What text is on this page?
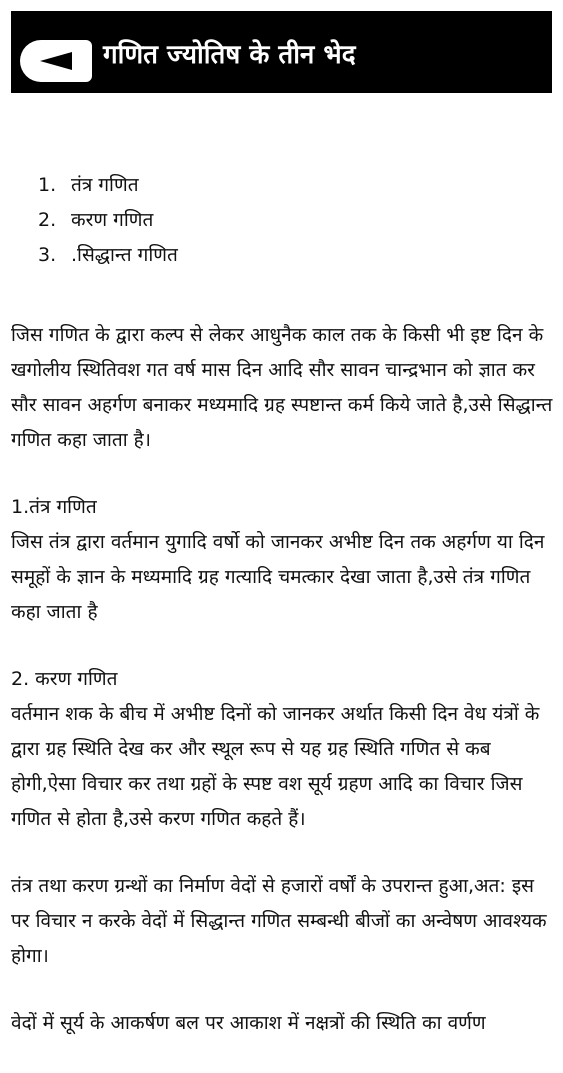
गणित ज्योतिष के तीन भेद
1. तंत्र गणित
2. करण गणित
3. .सिद्धान्त गणित

जिस गणित के द्वारा कल्प से लेकर आधुनैक काल तक के किसी भी इष्ट दिन के खगोलीय स्थितिवश गत वर्ष मास दिन आदि सौर सावन चान्द्रभान को ज्ञात कर सौर सावन अहर्गण बनाकर मध्यमादि ग्रह स्पष्टान्त कर्म किये जाते है,उसे सिद्धान्त गणित कहा जाता है।

1.तंत्र गणित
जिस तंत्र द्वारा वर्तमान युगादि वर्षो को जानकर अभीष्ट दिन तक अहर्गण या दिन समूहों के ज्ञान के मध्यमादि ग्रह गत्यादि चमत्कार देखा जाता है,उसे तंत्र गणित कहा जाता है

2. करण गणित
वर्तमान शक के बीच में अभीष्ट दिनों को जानकर अर्थात किसी दिन वेध यंत्रों के द्वारा ग्रह स्थिति देख कर और स्थूल रूप से यह ग्रह स्थिति गणित से कब होगी,ऐसा विचार कर तथा ग्रहों के स्पष्ट वश सूर्य ग्रहण आदि का विचार जिस गणित से होता है,उसे करण गणित कहते हैं।

तंत्र तथा करण ग्रन्थों का निर्माण वेदों से हजारों वर्षों के उपरान्त हुआ,अत: इस पर विचार न करके वेदों में सिद्धान्त गणित सम्बन्धी बीजों का अन्वेषण आवश्यक होगा।

वेदों में सूर्य के आकर्षण बल पर आकाश में नक्षत्रों की स्थिति का वर्णण
